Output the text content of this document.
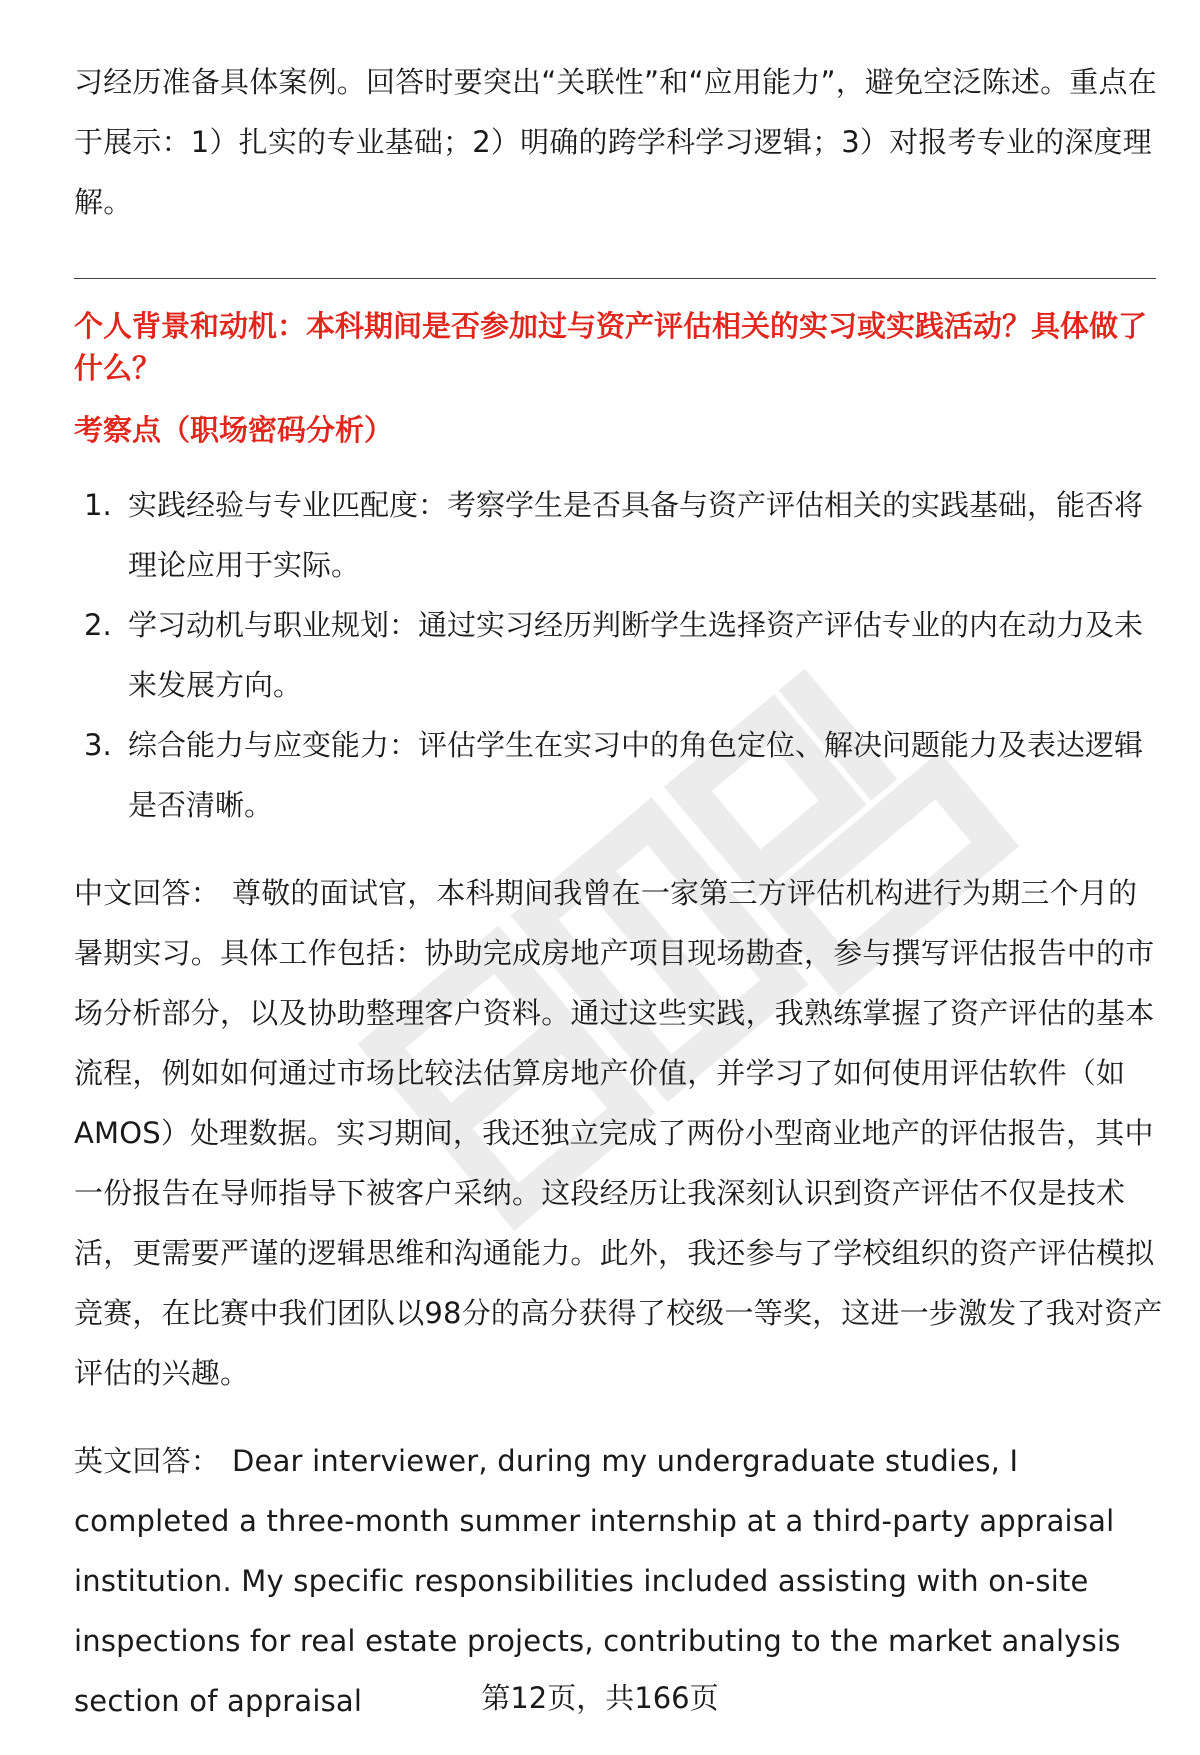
习经历准备具体案例。回答时要突出“关联性”和“应用能力”，避免空泛陈述。重点在于展示：1）扎实的专业基础；2）明确的跨学科学习逻辑；3）对报考专业的深度理解。

个人背景和动机：本科期间是否参加过与资产评估相关的实习或实践活动？具体做了什么？

考察点（职场密码分析）

1. 实践经验与专业匹配度：考察学生是否具备与资产评估相关的实践基础，能否将理论应用于实际。
2. 学习动机与职业规划：通过实习经历判断学生选择资产评估专业的内在动力及未来发展方向。
3. 综合能力与应变能力：评估学生在实习中的角色定位、解决问题能力及表达逻辑是否清晰。

中文回答： 尊敬的面试官，本科期间我曾在一家第三方评估机构进行为期三个月的暑期实习。具体工作包括：协助完成房地产项目现场勘查，参与撰写评估报告中的市场分析部分，以及协助整理客户资料。通过这些实践，我熟练掌握了资产评估的基本流程，例如如何通过市场比较法估算房地产价值，并学习了如何使用评估软件（如AMOS）处理数据。实习期间，我还独立完成了两份小型商业地产的评估报告，其中一份报告在导师指导下被客户采纳。这段经历让我深刻认识到资产评估不仅是技术活，更需要严谨的逻辑思维和沟通能力。此外，我还参与了学校组织的资产评估模拟竞赛，在比赛中我们团队以98分的高分获得了校级一等奖，这进一步激发了我对资产评估的兴趣。

英文回答： Dear interviewer, during my undergraduate studies, I completed a three-month summer internship at a third-party appraisal institution. My specific responsibilities included assisting with on-site inspections for real estate projects, contributing to the market analysis section of appraisal	第12页，共166页
